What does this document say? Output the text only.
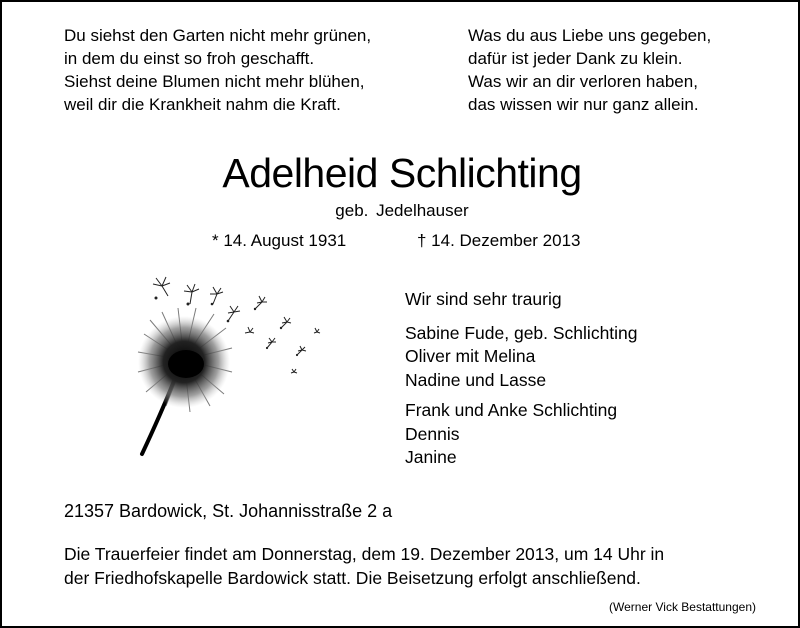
Du siehst den Garten nicht mehr grünen,
in dem du einst so froh geschafft.
Siehst deine Blumen nicht mehr blühen,
weil dir die Krankheit nahm die Kraft.
Was du aus Liebe uns gegeben,
dafür ist jeder Dank zu klein.
Was wir an dir verloren haben,
das wissen wir nur ganz allein.
Adelheid Schlichting
geb. Jedelhauser
* 14. August 1931	† 14. Dezember 2013
Wir sind sehr traurig
Sabine Fude, geb. Schlichting
Oliver mit Melina
Nadine und Lasse
Frank und Anke Schlichting
Dennis
Janine
21357 Bardowick, St. Johannisstraße 2 a
Die Trauerfeier findet am Donnerstag, dem 19. Dezember 2013, um 14 Uhr in
der Friedhofskapelle Bardowick statt. Die Beisetzung erfolgt anschließend.
(Werner Vick Bestattungen)
